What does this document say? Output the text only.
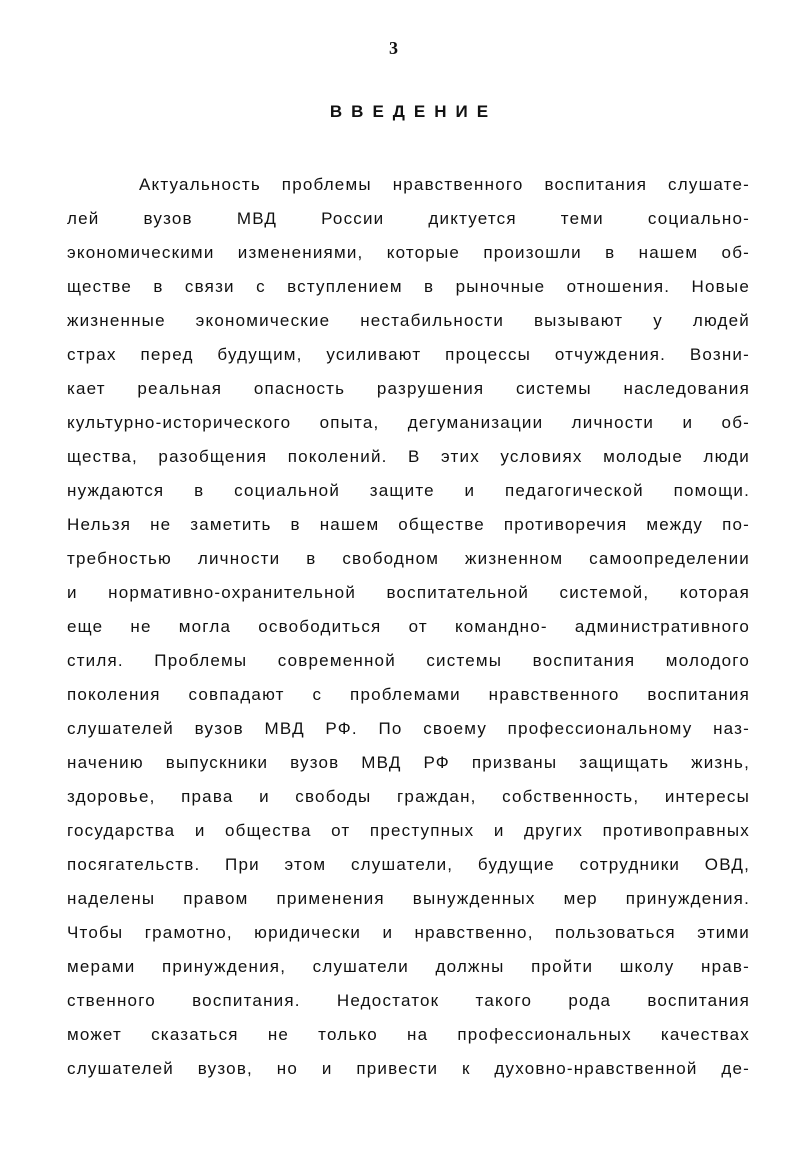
3
ВВЕДЕНИЕ
Актуальность проблемы нравственного воспитания слушате-
лей вузов МВД России диктуется теми социально-
экономическими изменениями, которые произошли в нашем об-
ществе в связи с вступлением в рыночные отношения. Новые
жизненные экономические нестабильности вызывают у людей
страх перед будущим, усиливают процессы отчуждения. Возни-
кает реальная опасность разрушения системы наследования
культурно-исторического опыта, дегуманизации личности и об-
щества, разобщения поколений. В этих условиях молодые люди
нуждаются в социальной защите и педагогической помощи.
Нельзя не заметить в нашем обществе противоречия между по-
требностью личности в свободном жизненном самоопределении
и нормативно-охранительной воспитательной системой, которая
еще не могла освободиться от командно- административного
стиля. Проблемы современной системы воспитания молодого
поколения совпадают с проблемами нравственного воспитания
слушателей вузов МВД РФ. По своему профессиональному наз-
начению выпускники вузов МВД РФ призваны защищать жизнь,
здоровье, права и свободы граждан, собственность, интересы
государства и общества от преступных и других противоправных
посягательств. При этом слушатели, будущие сотрудники ОВД,
наделены правом применения вынужденных мер принуждения.
Чтобы грамотно, юридически и нравственно, пользоваться этими
мерами принуждения, слушатели должны пройти школу нрав-
ственного воспитания. Недостаток такого рода воспитания
может сказаться не только на профессиональных качествах
слушателей вузов, но и привести к духовно-нравственной де-
